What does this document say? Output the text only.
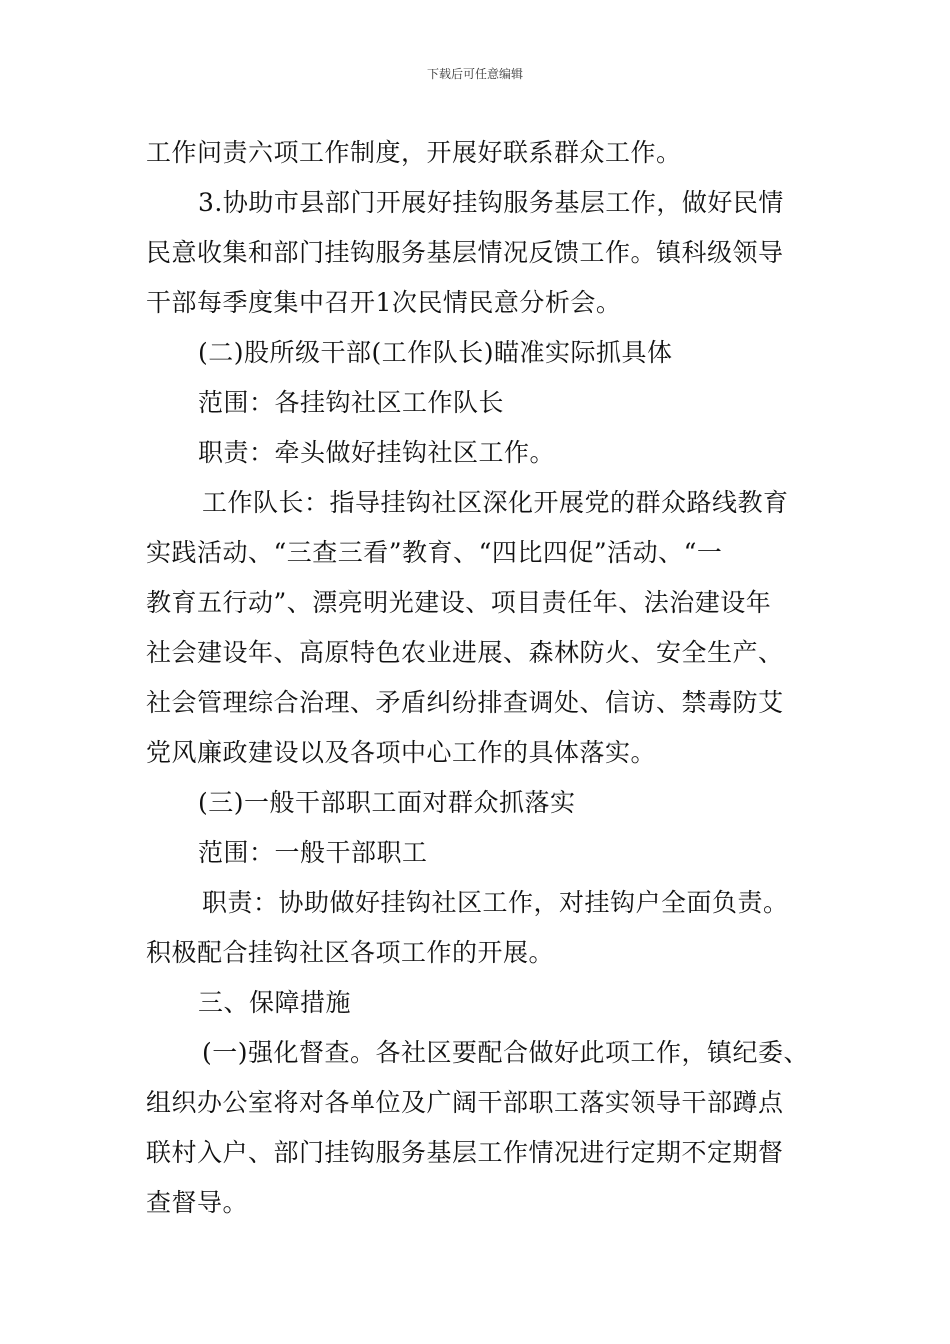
下载后可任意编辑
工作问责六项工作制度，开展好联系群众工作。
3.协助市县部门开展好挂钩服务基层工作，做好民情
民意收集和部门挂钩服务基层情况反馈工作。镇科级领导
干部每季度集中召开1次民情民意分析会。
(二)股所级干部(工作队长)瞄准实际抓具体
范围：各挂钩社区工作队长
职责：牵头做好挂钩社区工作。
工作队长：指导挂钩社区深化开展党的群众路线教育
实践活动、“三查三看”教育、“四比四促”活动、“一
教育五行动”、漂亮明光建设、项目责任年、法治建设年
社会建设年、高原特色农业进展、森林防火、安全生产、
社会管理综合治理、矛盾纠纷排查调处、信访、禁毒防艾
党风廉政建设以及各项中心工作的具体落实。
(三)一般干部职工面对群众抓落实
范围：一般干部职工
职责：协助做好挂钩社区工作，对挂钩户全面负责。
积极配合挂钩社区各项工作的开展。
三、保障措施
(一)强化督查。各社区要配合做好此项工作，镇纪委、
组织办公室将对各单位及广阔干部职工落实领导干部蹲点
联村入户、部门挂钩服务基层工作情况进行定期不定期督
查督导。
